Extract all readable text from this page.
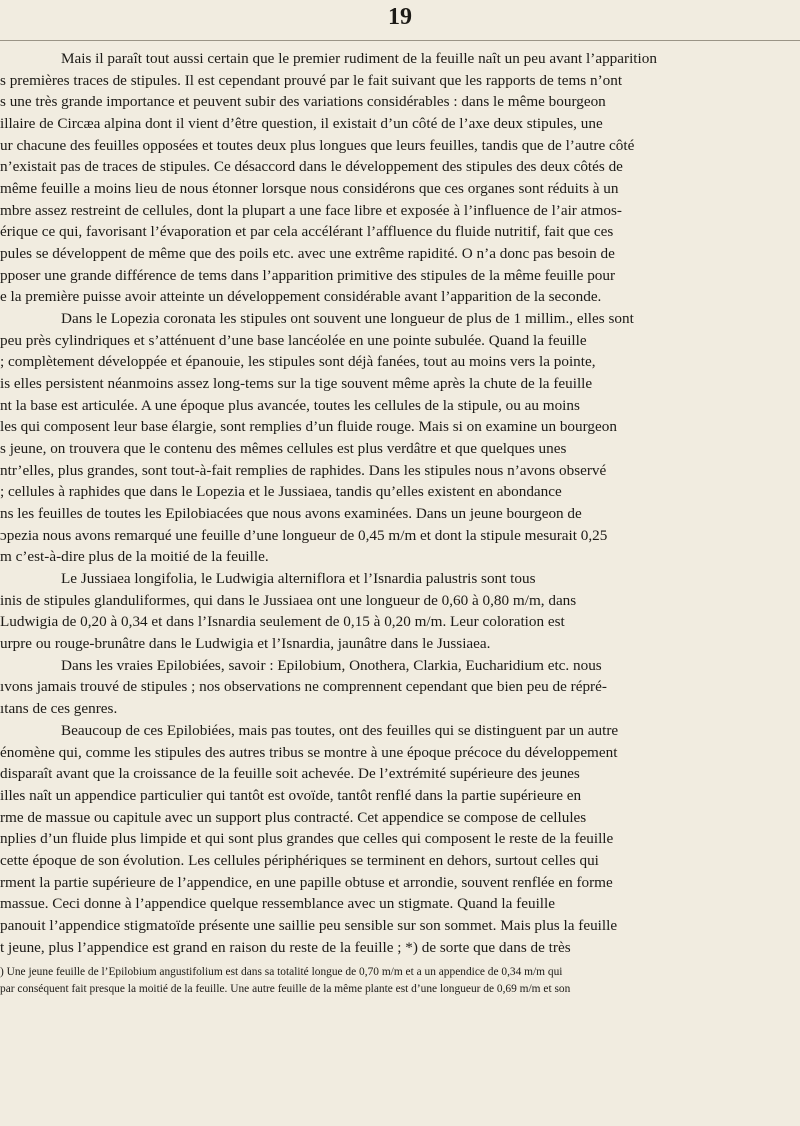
19

Mais il paraît tout aussi certain que le premier rudiment de la feuille naît un peu avant l’apparition

s premières traces de stipules. Il est cependant prouvé par le fait suivant que les rapports de tems n’ont

s une très grande importance et peuvent subir des variations considérables : dans le même bourgeon

illaire de Circæa alpina dont il vient d’être question, il existait d’un côté de l’axe deux stipules, une

ur chacune des feuilles opposées et toutes deux plus longues que leurs feuilles, tandis que de l’autre côté

n’existait pas de traces de stipules. Ce désaccord dans le développement des stipules des deux côtés de

même feuille a moins lieu de nous étonner lorsque nous considérons que ces organes sont réduits à un

mbre assez restreint de cellules, dont la plupart a une face libre et exposée à l’influence de l’air atmos-

érique ce qui, favorisant l’évaporation et par cela accélérant l’affluence du fluide nutritif, fait que ces

pules se développent de même que des poils etc. avec une extrême rapidité. O n’a donc pas besoin de

pposer une grande différence de tems dans l’apparition primitive des stipules de la même feuille pour

e la première puisse avoir atteinte un développement considérable avant l’apparition de la seconde.

Dans le Lopezia coronata les stipules ont souvent une longueur de plus de 1 millim., elles sont

peu près cylindriques et s’atténuent d’une base lancéolée en une pointe subulée. Quand la feuille

; complètement développée et épanouie, les stipules sont déjà fanées, tout au moins vers la pointe,

is elles persistent néanmoins assez long-tems sur la tige souvent même après la chute de la feuille

nt la base est articulée. A une époque plus avancée, toutes les cellules de la stipule, ou au moins

les qui composent leur base élargie, sont remplies d’un fluide rouge. Mais si on examine un bourgeon

s jeune, on trouvera que le contenu des mêmes cellules est plus verdâtre et que quelques unes

ntr’elles, plus grandes, sont tout-à-fait remplies de raphides. Dans les stipules nous n’avons observé

; cellules à raphides que dans le Lopezia et le Jussiaea, tandis qu’elles existent en abondance

ns les feuilles de toutes les Epilobiacées que nous avons examinées. Dans un jeune bourgeon de

ɔpezia nous avons remarqué une feuille d’une longueur de 0,45 m/m et dont la stipule mesurait 0,25

m c’est-à-dire plus de la moitié de la feuille.

Le Jussiaea longifolia, le Ludwigia alterniflora et l’Isnardia palustris sont tous

inis de stipules glanduliformes, qui dans le Jussiaea ont une longueur de 0,60 à 0,80 m/m, dans

Ludwigia de 0,20 à 0,34 et dans l’Isnardia seulement de 0,15 à 0,20 m/m. Leur coloration est

urpre ou rouge-brunâtre dans le Ludwigia et l’Isnardia, jaunâtre dans le Jussiaea.

Dans les vraies Epilobiées, savoir : Epilobium, Onothera, Clarkia, Eucharidium etc. nous

ıvons jamais trouvé de stipules ; nos observations ne comprennent cependant que bien peu de répré-

ıtans de ces genres.

Beaucoup de ces Epilobiées, mais pas toutes, ont des feuilles qui se distinguent par un autre

énomène qui, comme les stipules des autres tribus se montre à une époque précoce du développement

disparaît avant que la croissance de la feuille soit achevée. De l’extrémité supérieure des jeunes

illes naît un appendice particulier qui tantôt est ovoïde, tantôt renflé dans la partie supérieure en

rme de massue ou capitule avec un support plus contracté. Cet appendice se compose de cellules

nplies d’un fluide plus limpide et qui sont plus grandes que celles qui composent le reste de la feuille

cette époque de son évolution. Les cellules périphériques se terminent en dehors, surtout celles qui

rment la partie supérieure de l’appendice, en une papille obtuse et arrondie, souvent renflée en forme

massue. Ceci donne à l’appendice quelque ressemblance avec un stigmate. Quand la feuille

panouit l’appendice stigmatoïde présente une saillie peu sensible sur son sommet. Mais plus la feuille

t jeune, plus l’appendice est grand en raison du reste de la feuille ; *) de sorte que dans de très

) Une jeune feuille de l’Epilobium angustifolium est dans sa totalité longue de 0,70 m/m et a un appendice de 0,34 m/m qui

par conséquent fait presque la moitié de la feuille. Une autre feuille de la même plante est d’une longueur de 0,69 m/m et son
